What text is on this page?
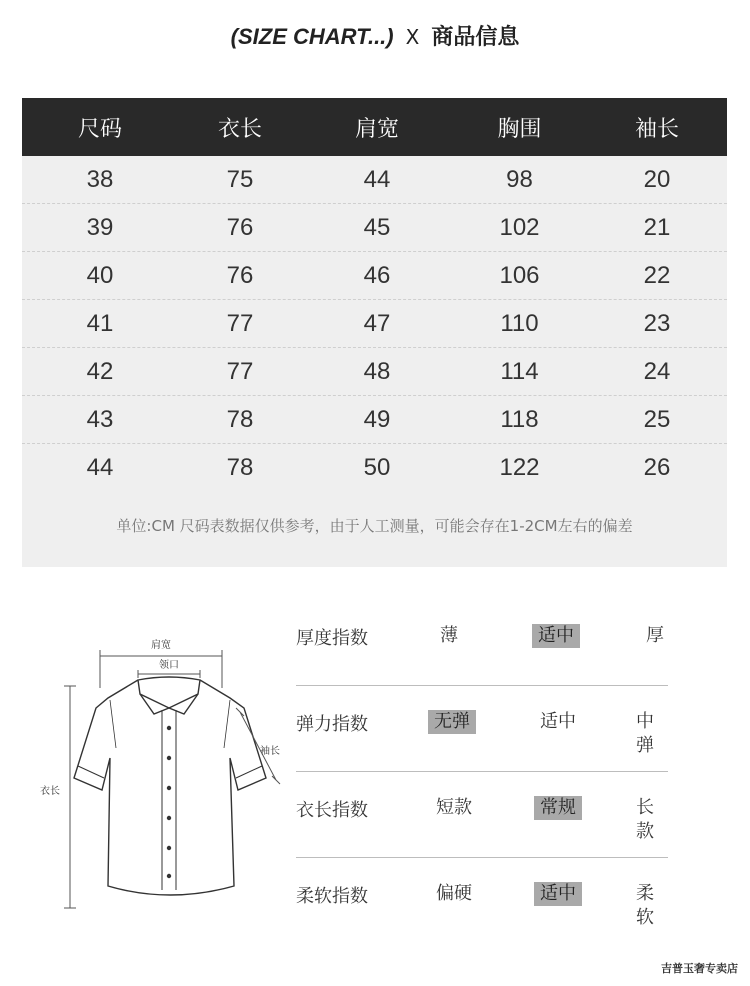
(SIZE CHART...) X 商品信息
尺码	衣长	肩宽	胸围	袖长
38	75	44	98	20
39	76	45	102	21
40	76	46	106	22
41	77	47	110	23
42	77	48	114	24
43	78	49	118	25
44	78	50	122	26
单位:CM 尺码表数据仅供参考，由于人工测量，可能会存在1-2CM左右的偏差
肩宽
领口
袖长
衣长
厚度指数	薄	适中	厚
弹力指数	无弹	适中	中弹
衣长指数	短款	常规	长款
柔软指数	偏硬	适中	柔软
吉普玉奢专卖店
